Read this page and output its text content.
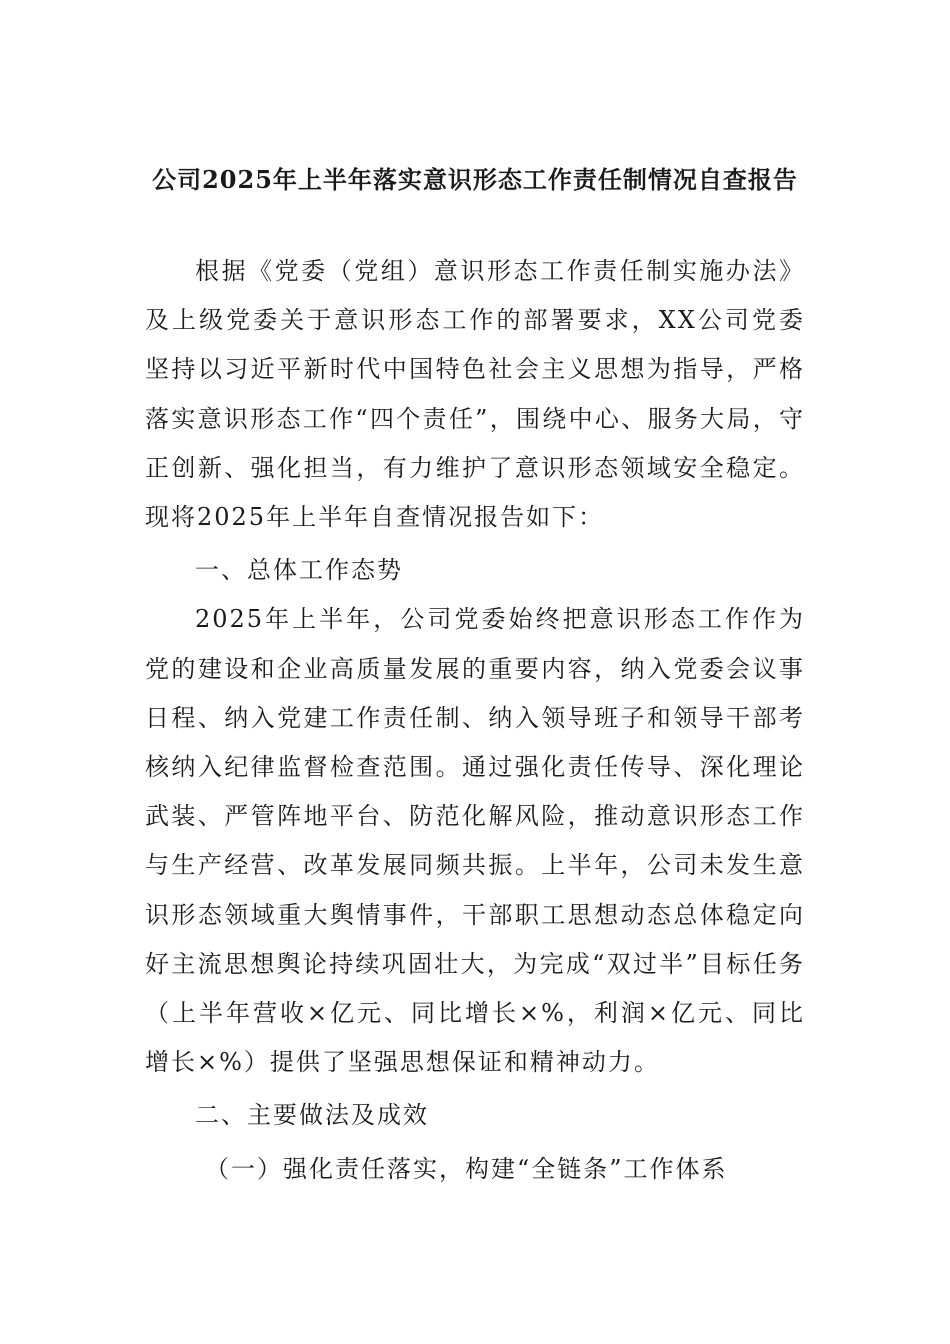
公司2025年上半年落实意识形态工作责任制情况自查报告

根据《党委（党组）意识形态工作责任制实施办法》及上级党委关于意识形态工作的部署要求，XX公司党委坚持以习近平新时代中国特色社会主义思想为指导，严格落实意识形态工作“四个责任”，围绕中心、服务大局，守正创新、强化担当，有力维护了意识形态领域安全稳定。现将2025年上半年自查情况报告如下：

一、总体工作态势

2025年上半年，公司党委始终把意识形态工作作为党的建设和企业高质量发展的重要内容，纳入党委会议事日程、纳入党建工作责任制、纳入领导班子和领导干部考核纳入纪律监督检查范围。通过强化责任传导、深化理论武装、严管阵地平台、防范化解风险，推动意识形态工作与生产经营、改革发展同频共振。上半年，公司未发生意识形态领域重大舆情事件，干部职工思想动态总体稳定向好主流思想舆论持续巩固壮大，为完成“双过半”目标任务（上半年营收×亿元、同比增长×%，利润×亿元、同比增长×%）提供了坚强思想保证和精神动力。

二、主要做法及成效

（一）强化责任落实，构建“全链条”工作体系
